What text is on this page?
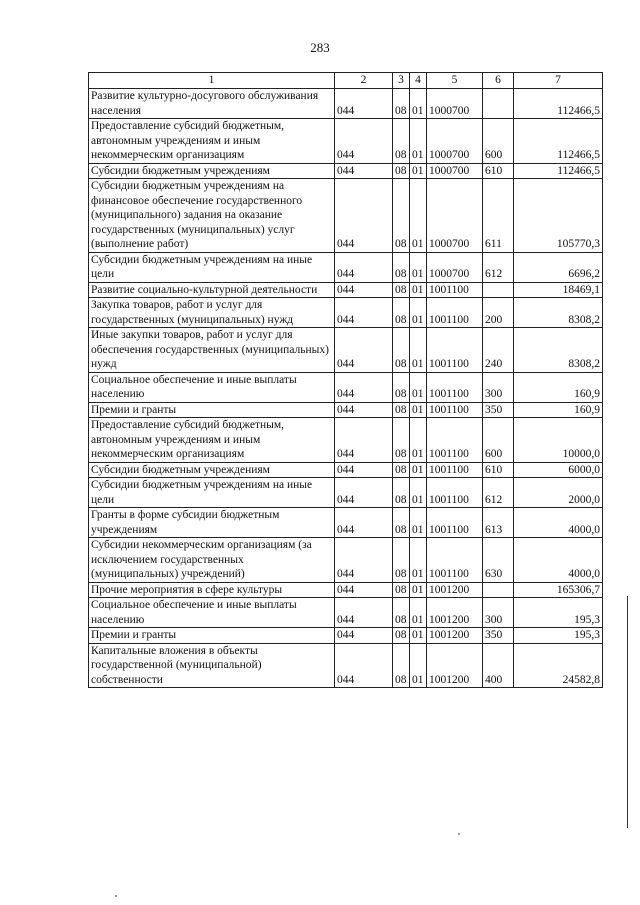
283
1	2	3	4	5	6	7
Развитие культурно-досугового обслуживания населения	044	08	01	1000700		112466,5
Предоставление субсидий бюджетным, автономным учреждениям и иным некоммерческим организациям	044	08	01	1000700	600	112466,5
Субсидии бюджетным учреждениям	044	08	01	1000700	610	112466,5
Субсидии бюджетным учреждениям на финансовое обеспечение государственного (муниципального) задания на оказание государственных (муниципальных) услуг (выполнение работ)	044	08	01	1000700	611	105770,3
Субсидии бюджетным учреждениям на иные цели	044	08	01	1000700	612	6696,2
Развитие социально-культурной деятельности	044	08	01	1001100		18469,1
Закупка товаров, работ и услуг для государственных (муниципальных) нужд	044	08	01	1001100	200	8308,2
Иные закупки товаров, работ и услуг для обеспечения государственных (муниципальных) нужд	044	08	01	1001100	240	8308,2
Социальное обеспечение и иные выплаты населению	044	08	01	1001100	300	160,9
Премии и гранты	044	08	01	1001100	350	160,9
Предоставление субсидий бюджетным, автономным учреждениям и иным некоммерческим организациям	044	08	01	1001100	600	10000,0
Субсидии бюджетным учреждениям	044	08	01	1001100	610	6000,0
Субсидии бюджетным учреждениям на иные цели	044	08	01	1001100	612	2000,0
Гранты в форме субсидии бюджетным учреждениям	044	08	01	1001100	613	4000,0
Субсидии некоммерческим организациям (за исключением государственных (муниципальных) учреждений)	044	08	01	1001100	630	4000,0
Прочие мероприятия в сфере культуры	044	08	01	1001200		165306,7
Социальное обеспечение и иные выплаты населению	044	08	01	1001200	300	195,3
Премии и гранты	044	08	01	1001200	350	195,3
Капитальные вложения в объекты государственной (муниципальной) собственности	044	08	01	1001200	400	24582,8
